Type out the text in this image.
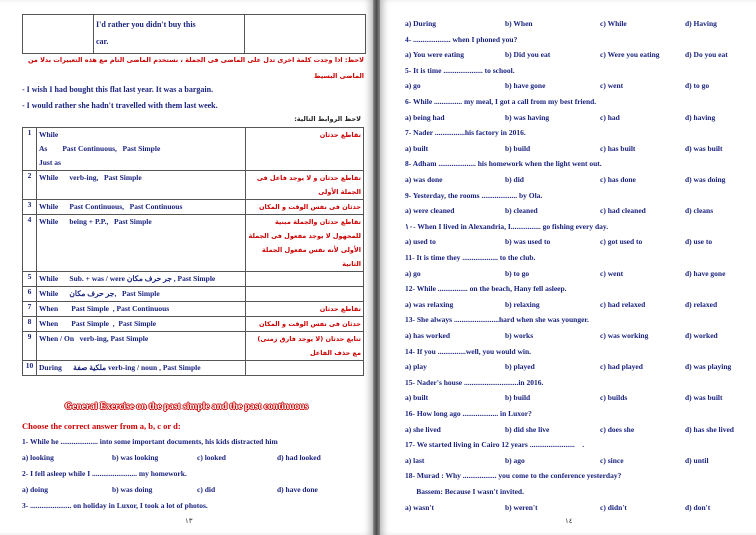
I'd rather you didn't buy this
car.
لاحظ: اذا وجدت كلمة اخرى تدل على الماضى فى الجملة ، نستخدم الماضى التام مع هذه التعبيرات بدلا من الماضى البسيط
- I wish I had bought this flat last year. It was a bargain.
- I would rather she hadn't travelled with them last week.
لاحظ الروابط التالية:
1	While
As        Past Continuous,   Past Simple
Just as	تقاطع حدثان

2	While      verb-ing,   Past Simple	تقاطع حدثان و لا يوجد فاعل فى
الجملة الأولى

3	While      Past Continuous,   Past Continuous	حدثان فى نفس الوقت و المكان

4	While      being + P.P.,   Past Simple	تقاطع حدثان والجملة مبنية
للمجهول لا يوجد مفعول فى الجملة
الأولى لأنه نفس مفعول الجملة
الثانية

5	While      Sub. + was / were جر حرف مكان , Past Simple	

6	While      جر حرف مكان,   Past Simple	

7	When       Past Simple  , Past Continuous	تقاطع حدثان

8	When       Past Simple  ,  Past Simple	حدثان فى نفس الوقت و المكان

9	When / On   verb-ing, Past Simple	تتابع حدثان (لا يوجد فارق زمنى)
مع حذف الفاعل

10	During      ملكية صفة verb-ing / noun , Past Simple	

General Exercise on the past simple and the past continuous
Choose the correct answer from a, b, c or d:
1- While he .................... into some important documents, his kids distracted him
a) looking	b) was looking	c) looked	d) had looked
2- I fell asleep while I ........................ my homework.
a) doing	b) was doing	c) did	d) have done
3- ...................... on holiday in Luxor, I took a lot of photos.
١٣
a) During	b) When	c) While	d) Having
4- .................... when I phoned you?
a) You were eating	b) Did you eat	c) Were you eating	d) Do you eat
5- It is time ..................... to school.
a) go	b) have gone	c) went	d) to go
6- While ............... my meal, I got a call from my best friend.
a) being had	b) was having	c) had	d) having
7- Nader ................his factory in 2016.
a) built	b) build	c) has built	d) was built
8- Adham .................... his homework when the light went out.
a) was done	b) did	c) has done	d) was doing
9- Yesterday, the rooms ................... by Ola.
a) were cleaned	b) cleaned	c) had cleaned	d) cleans
١٠- When I lived in Alexandria, I................ go fishing every day.
a) used to	b) was used to	c) got used to	d) use to
11- It is time they ................... to the club.
a) go	b) to go	c) went	d) have gone
12- While ................ on the beach, Hany fell asleep.
a) was relaxing	b) relaxing	c) had relaxed	d) relaxed
13- She always ........................hard when she was younger.
a) has worked	b) works	c) was working	d) worked
14- If you ...............well, you would win.
a) play	b) played	c) had played	d) was playing
15- Nader's house .............................in 2016.
a) built	b) build	c) builds	d) was built
16- How long ago ................... in Luxor?
a) she lived	b) did she live	c) does she	d) has she lived
17- We started living in Cairo 12 years ........................    .
a) last	b) ago	c) since	d) until
18- Murad : Why .................. you come to the conference yesterday?
Bassem: Because I wasn't invited.
a) wasn't	b) weren't	c) didn't	d) don't
١٤
